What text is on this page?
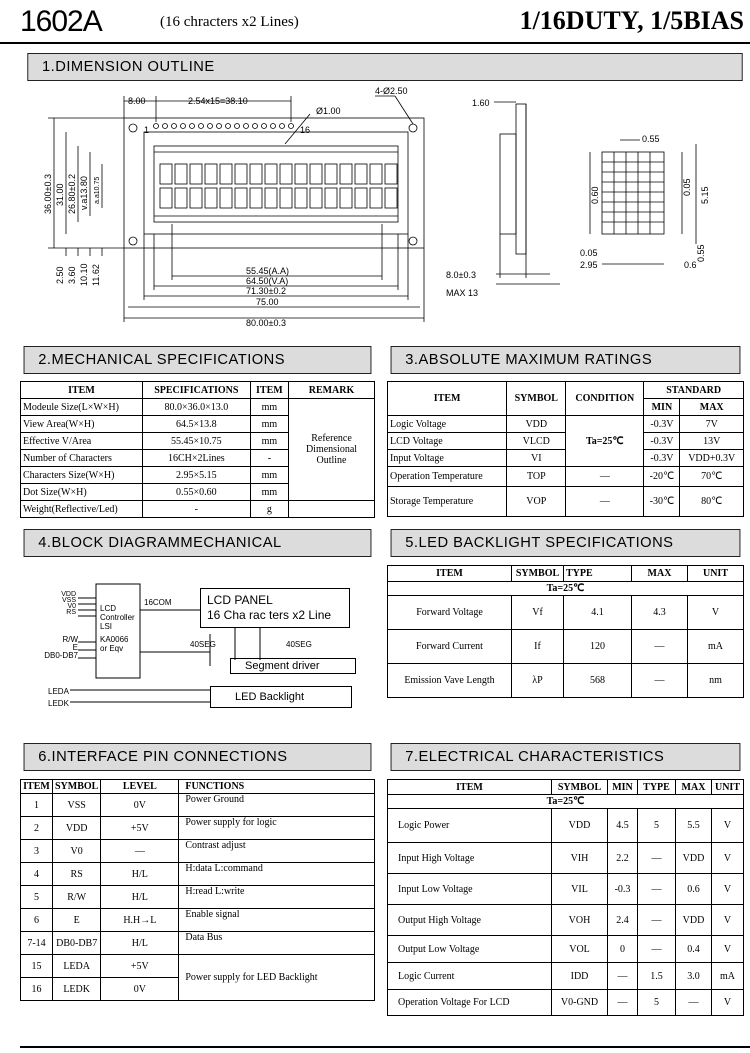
1602A	(16 chracters x2 Lines)	1/16DUTY, 1/5BIAS
1.DIMENSION OUTLINE
8.00	2.54x15=38.10
4-Ø2.50
Ø1.00
1	16
36.00±0.3 31.00 26.80±0.2 v.a13.80 a.a10.75
2.50 3.60 10.10 11.62	55.45(A.A)
64.50(V.A)
71.30±0.2
75.00
80.00±0.3
1.60
8.0±0.3
MAX 13
0.55
0.60
0.05
5.15
0.05
0.55
2.95	0.6
2.MECHANICAL SPECIFICATIONS
ITEM	SPECIFICATIONS	ITEM	REMARK
Modeule Size(L×W×H)	80.0×36.0×13.0	mm	Reference Dimensional Outline
View Area(W×H)	64.5×13.8	mm	
Effective V/Area	55.45×10.75	mm	
Number of Characters	16CH×2Lines	-	
Characters Size(W×H)	2.95×5.15	mm	
Dot Size(W×H)	0.55×0.60	mm	
Weight(Reflective/Led)	-	g	
3.ABSOLUTE MAXIMUM RATINGS
ITEM	SYMBOL	CONDITION	STANDARD	
			MIN	MAX
Logic Voltage	VDD	Ta=25℃	-0.3V	7V
LCD Voltage	VLCD		-0.3V	13V
Input Voltage	VI		-0.3V	VDD+0.3V
Operation Temperature	TOP	—	-20℃	70℃
Storage Temperature	VOP	—	-30℃	80℃
4.BLOCK DIAGRAMMECHANICAL
VDD
VSS
V0
RS
R/W
E
DB0-DB7
LEDA
LEDK
LCD
Controller
LSI
KA0066
or Eqv
16COM	LCD PANEL
16 Cha rac ters x2 Line
40SEG	40SEG
Segment driver
LED Backlight
5.LED BACKLIGHT SPECIFICATIONS
ITEM	SYMBOL	TYPE	MAX	UNIT
Ta=25℃				
Forward Voltage	Vf	4.1	4.3	V
Forward Current	If	120	—	mA
Emission Vave Length	λP	568	—	nm
6.INTERFACE PIN CONNECTIONS
ITEM	SYMBOL	LEVEL	FUNCTIONS
1	VSS	0V	Power Ground
2	VDD	+5V	Power supply for logic
3	V0	—	Contrast adjust
4	RS	H/L	H:data L:command
5	R/W	H/L	H:read L:write
6	E	H.H→L	Enable signal
7-14	DB0-DB7	H/L	Data Bus
15	LEDA	+5V	Power supply for LED Backlight
16	LEDK	0V	
7.ELECTRICAL CHARACTERISTICS
ITEM	SYMBOL	MIN	TYPE	MAX	UNIT
Ta=25℃					
Logic Power	VDD	4.5	5	5.5	V
Input High Voltage	VIH	2.2	—	VDD	V
Input Low Voltage	VIL	-0.3	—	0.6	V
Output High Voltage	VOH	2.4	—	VDD	V
Output Low Voltage	VOL	0	—	0.4	V
Logic Current	IDD	—	1.5	3.0	mA
Operation Voltage For LCD	V0-GND	—	5	—	V
